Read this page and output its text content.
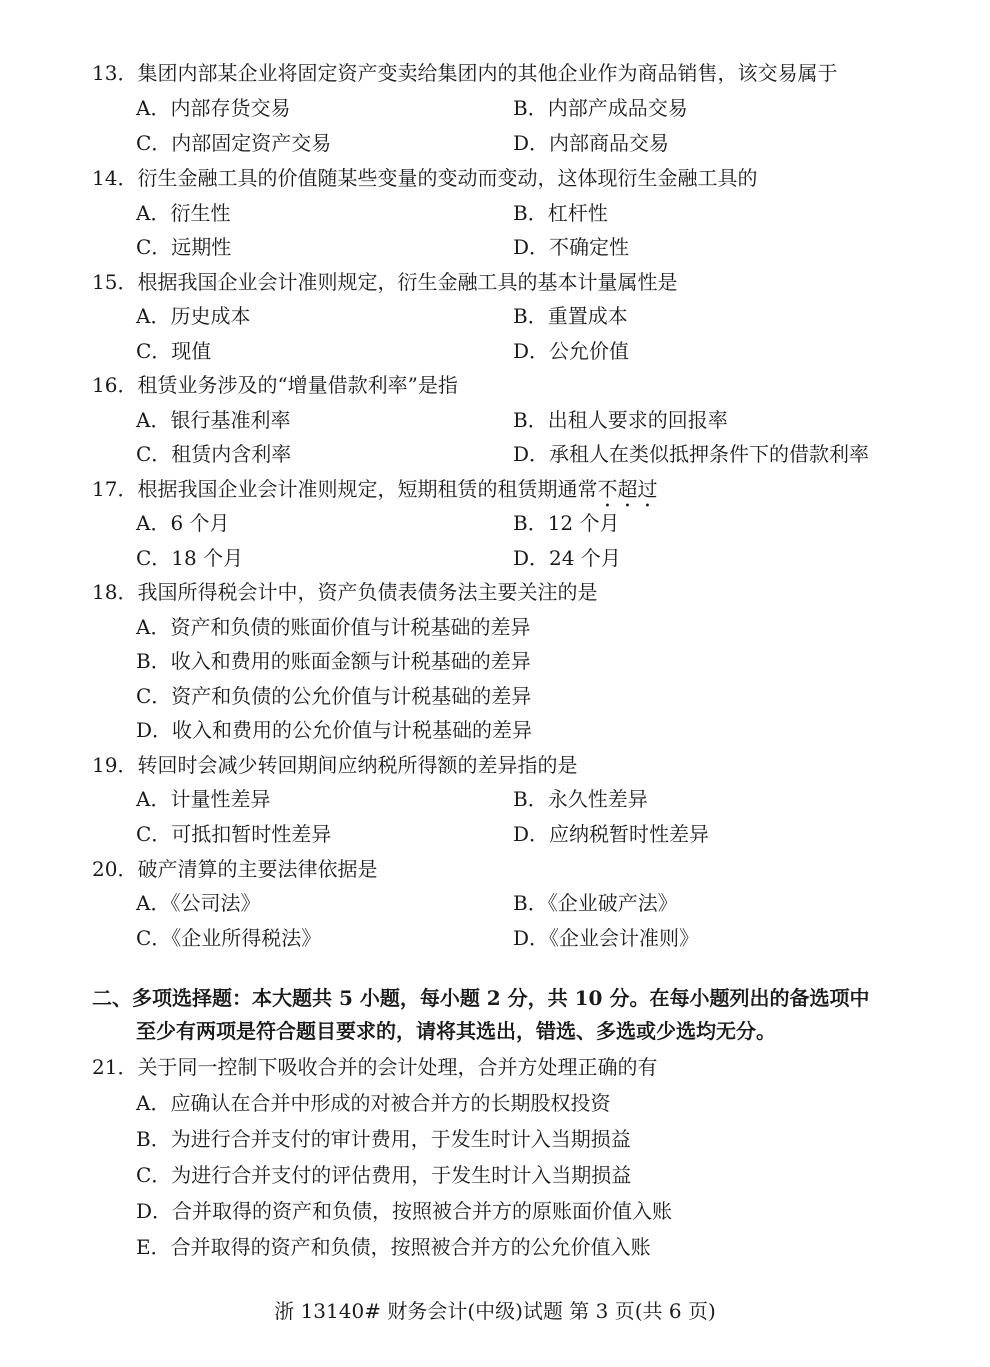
13．集团内部某企业将固定资产变卖给集团内的其他企业作为商品销售，该交易属于
A．内部存货交易	B．内部产成品交易
C．内部固定资产交易	D．内部商品交易
14．衍生金融工具的价值随某些变量的变动而变动，这体现衍生金融工具的
A．衍生性	B．杠杆性
C．远期性	D．不确定性
15．根据我国企业会计准则规定，衍生金融工具的基本计量属性是
A．历史成本	B．重置成本
C．现值	D．公允价值
16．租赁业务涉及的“增量借款利率”是指
A．银行基准利率	B．出租人要求的回报率
C．租赁内含利率	D．承租人在类似抵押条件下的借款利率
17．根据我国企业会计准则规定，短期租赁的租赁期通常不超过
A．6 个月	B．12 个月
C．18 个月	D．24 个月
18．我国所得税会计中，资产负债表债务法主要关注的是
A．资产和负债的账面价值与计税基础的差异
B．收入和费用的账面金额与计税基础的差异
C．资产和负债的公允价值与计税基础的差异
D．收入和费用的公允价值与计税基础的差异
19．转回时会减少转回期间应纳税所得额的差异指的是
A．计量性差异	B．永久性差异
C．可抵扣暂时性差异	D．应纳税暂时性差异
20．破产清算的主要法律依据是
A．《公司法》	B．《企业破产法》
C．《企业所得税法》	D．《企业会计准则》
二、多项选择题：本大题共 5 小题，每小题 2 分，共 10 分。在每小题列出的备选项中
至少有两项是符合题目要求的，请将其选出，错选、多选或少选均无分。
21．关于同一控制下吸收合并的会计处理，合并方处理正确的有
A．应确认在合并中形成的对被合并方的长期股权投资
B．为进行合并支付的审计费用，于发生时计入当期损益
C．为进行合并支付的评估费用，于发生时计入当期损益
D．合并取得的资产和负债，按照被合并方的原账面价值入账
E．合并取得的资产和负债，按照被合并方的公允价值入账
浙 13140# 财务会计(中级)试题 第 3 页(共 6 页)
